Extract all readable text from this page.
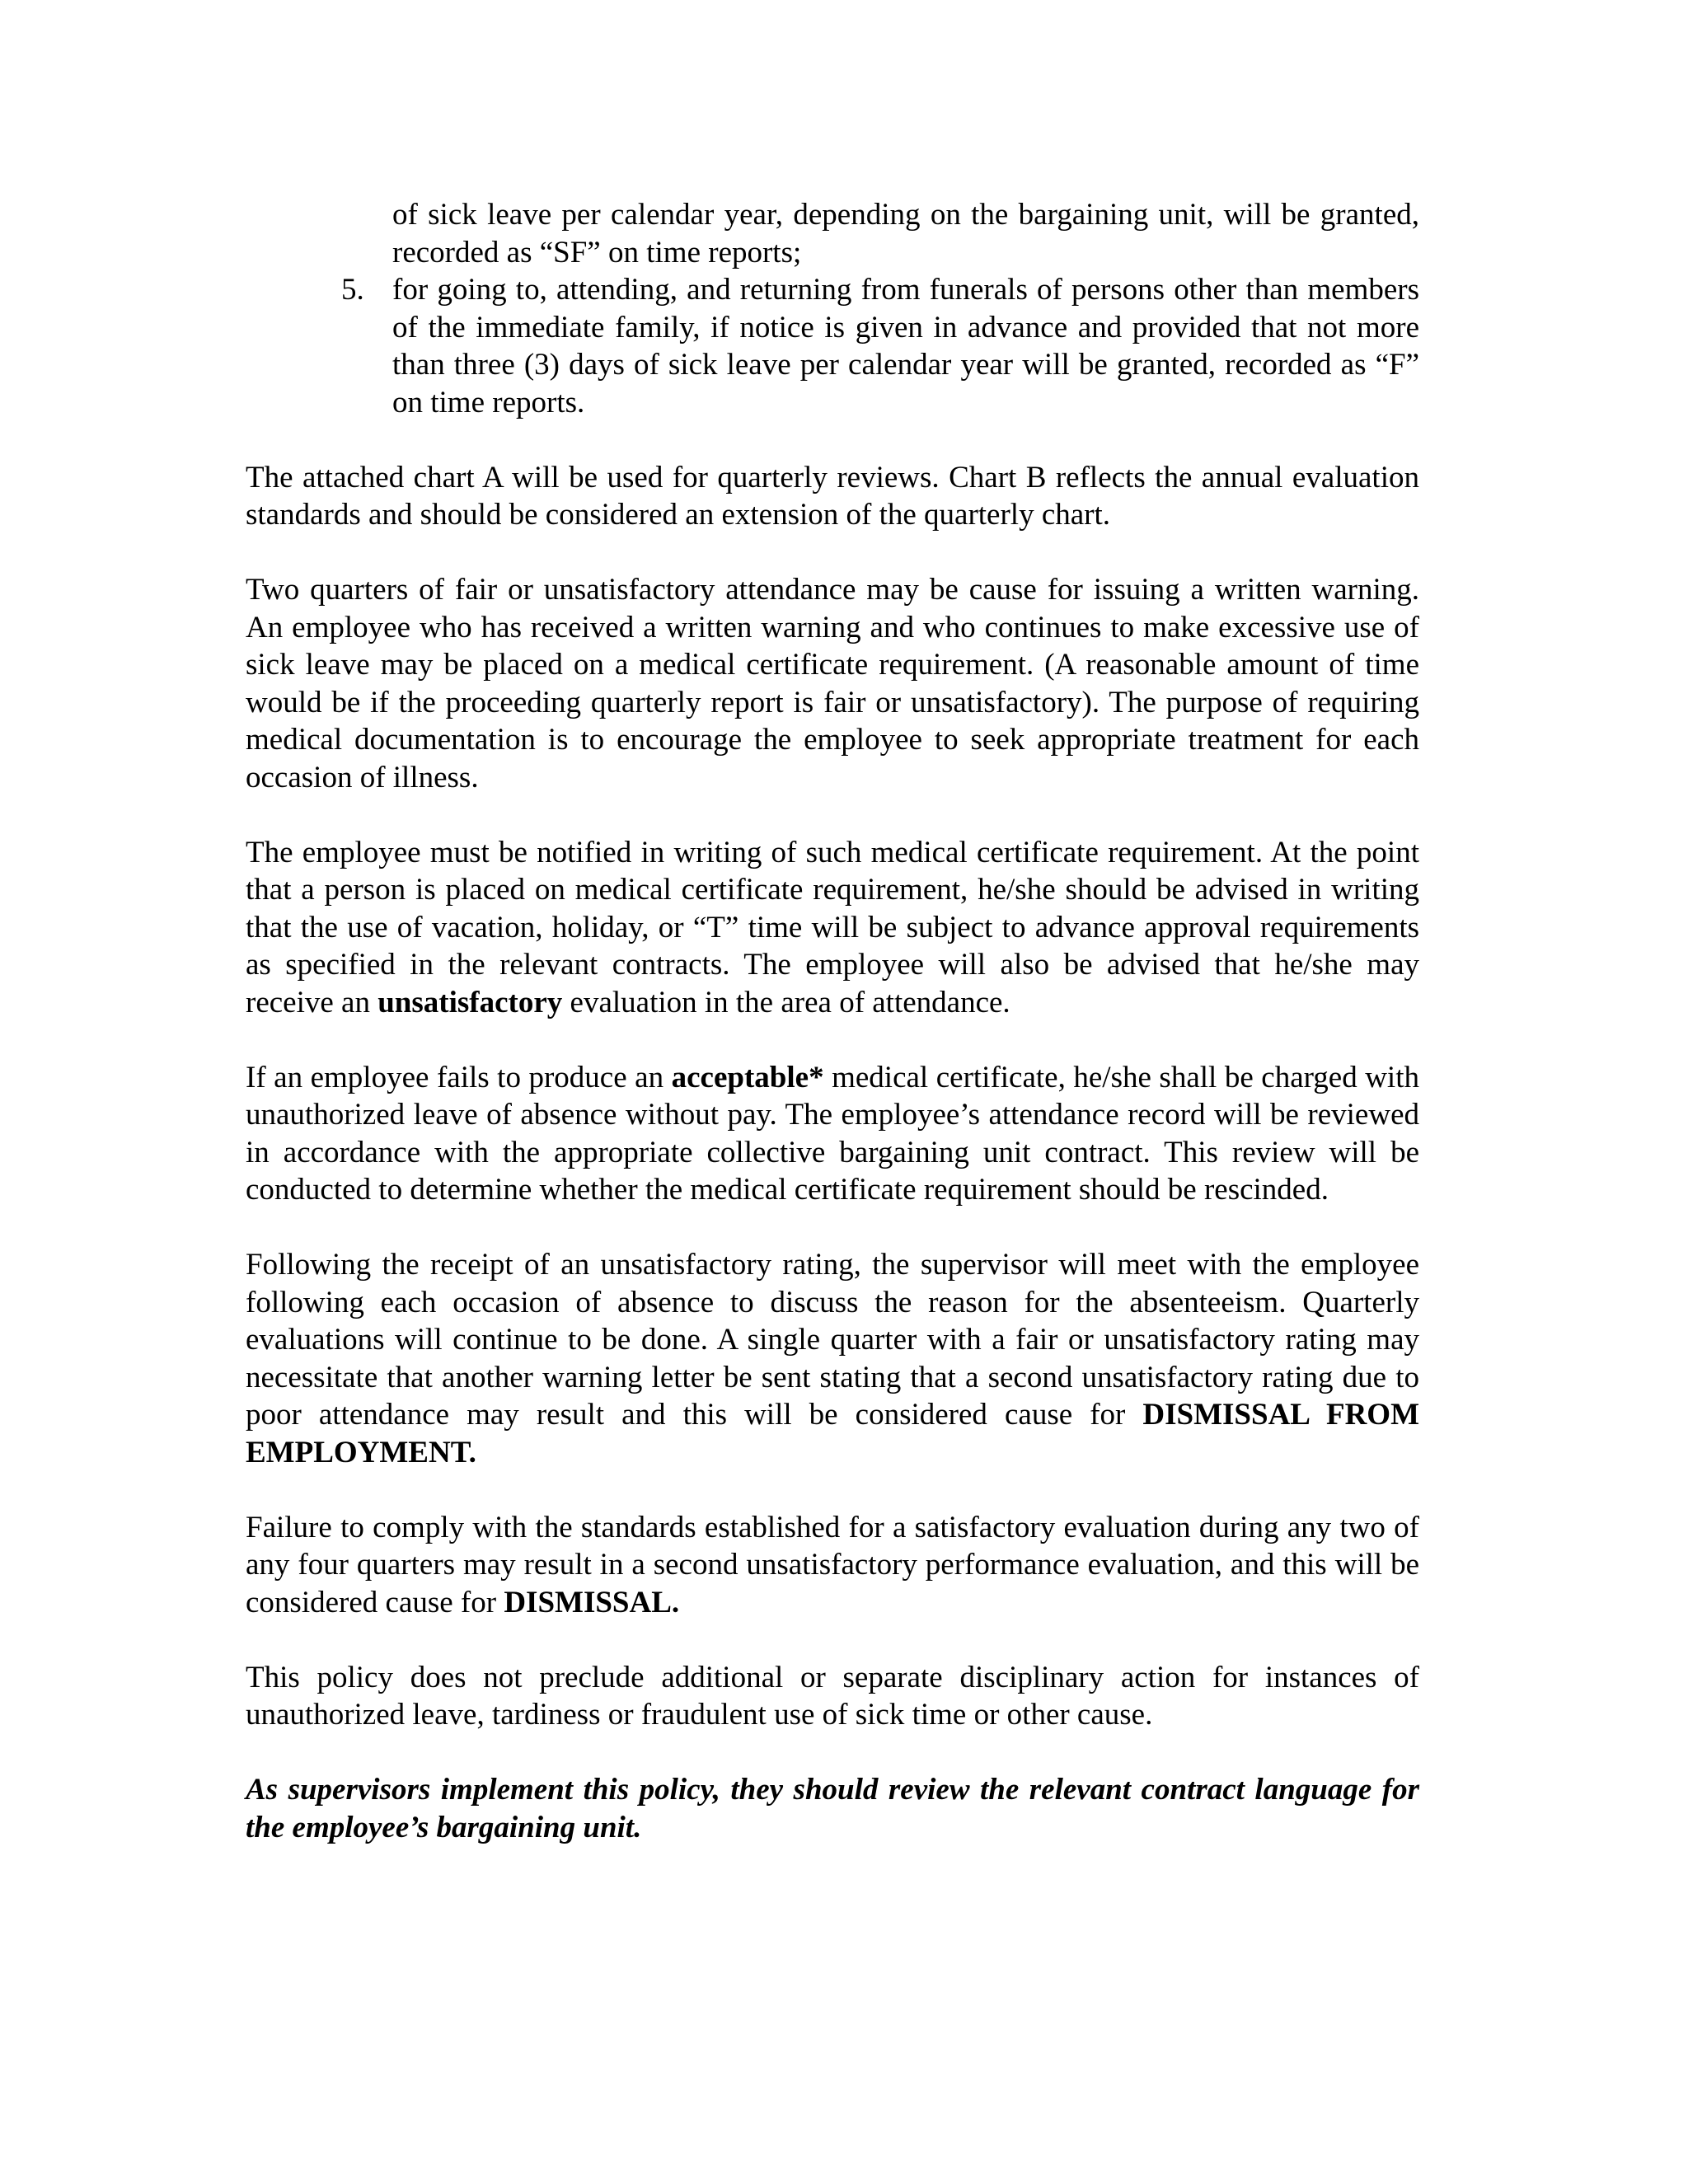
of sick leave per calendar year, depending on the bargaining unit, will be granted, recorded as “SF” on time reports;
5. for going to, attending, and returning from funerals of persons other than members of the immediate family, if notice is given in advance and provided that not more than three (3) days of sick leave per calendar year will be granted, recorded as “F” on time reports.

The attached chart A will be used for quarterly reviews. Chart B reflects the annual evaluation standards and should be considered an extension of the quarterly chart.

Two quarters of fair or unsatisfactory attendance may be cause for issuing a written warning. An employee who has received a written warning and who continues to make excessive use of sick leave may be placed on a medical certificate requirement. (A reasonable amount of time would be if the proceeding quarterly report is fair or unsatisfactory). The purpose of requiring medical documentation is to encourage the employee to seek appropriate treatment for each occasion of illness.

The employee must be notified in writing of such medical certificate requirement. At the point that a person is placed on medical certificate requirement, he/she should be advised in writing that the use of vacation, holiday, or “T” time will be subject to advance approval requirements as specified in the relevant contracts. The employee will also be advised that he/she may receive an unsatisfactory evaluation in the area of attendance.

If an employee fails to produce an acceptable* medical certificate, he/she shall be charged with unauthorized leave of absence without pay. The employee’s attendance record will be reviewed in accordance with the appropriate collective bargaining unit contract. This review will be conducted to determine whether the medical certificate requirement should be rescinded.

Following the receipt of an unsatisfactory rating, the supervisor will meet with the employee following each occasion of absence to discuss the reason for the absenteeism. Quarterly evaluations will continue to be done. A single quarter with a fair or unsatisfactory rating may necessitate that another warning letter be sent stating that a second unsatisfactory rating due to poor attendance may result and this will be considered cause for DISMISSAL FROM EMPLOYMENT.

Failure to comply with the standards established for a satisfactory evaluation during any two of any four quarters may result in a second unsatisfactory performance evaluation, and this will be considered cause for DISMISSAL.

This policy does not preclude additional or separate disciplinary action for instances of unauthorized leave, tardiness or fraudulent use of sick time or other cause.

As supervisors implement this policy, they should review the relevant contract language for the employee’s bargaining unit.
